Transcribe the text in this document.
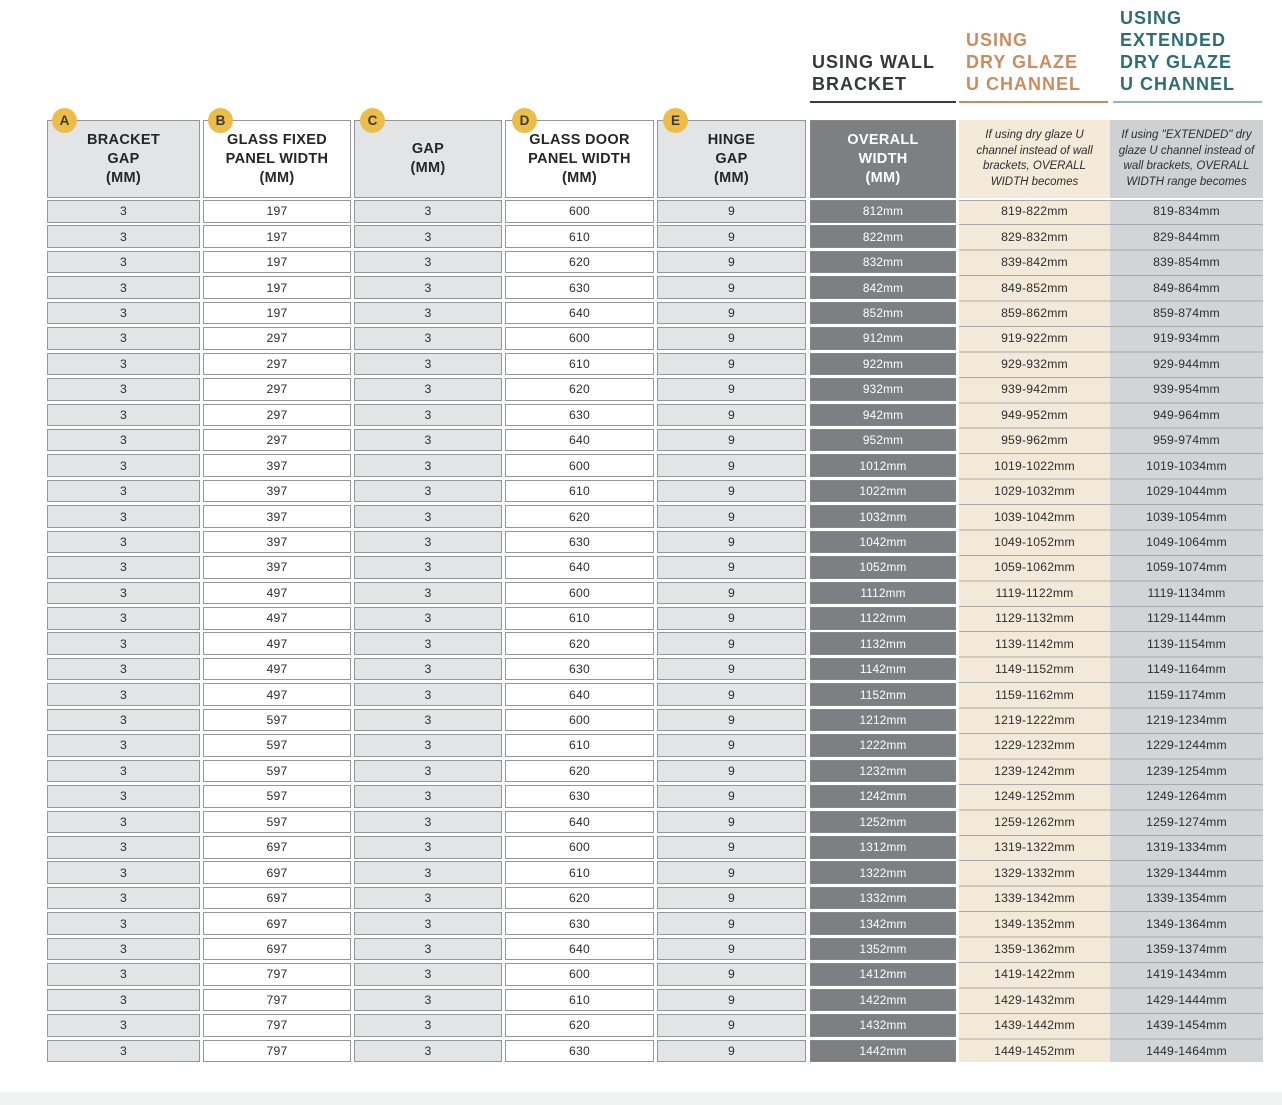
USING WALL
BRACKET
USING
DRY GLAZE
U CHANNEL
USING
EXTENDED
DRY GLAZE
U CHANNEL
A	B	C	D	E
BRACKET
GAP
(MM)
GLASS FIXED
PANEL WIDTH
(MM)
GAP
(MM)
GLASS DOOR
PANEL WIDTH
(MM)
HINGE
GAP
(MM)
OVERALL
WIDTH
(MM)
If using dry glaze U channel instead of wall brackets, OVERALL WIDTH becomes
If using "EXTENDED" dry glaze U channel instead of wall brackets, OVERALL WIDTH range becomes
3	197	3	600	9	812mm	819-822mm	819-834mm
3	197	3	610	9	822mm	829-832mm	829-844mm
3	197	3	620	9	832mm	839-842mm	839-854mm
3	197	3	630	9	842mm	849-852mm	849-864mm
3	197	3	640	9	852mm	859-862mm	859-874mm
3	297	3	600	9	912mm	919-922mm	919-934mm
3	297	3	610	9	922mm	929-932mm	929-944mm
3	297	3	620	9	932mm	939-942mm	939-954mm
3	297	3	630	9	942mm	949-952mm	949-964mm
3	297	3	640	9	952mm	959-962mm	959-974mm
3	397	3	600	9	1012mm	1019-1022mm	1019-1034mm
3	397	3	610	9	1022mm	1029-1032mm	1029-1044mm
3	397	3	620	9	1032mm	1039-1042mm	1039-1054mm
3	397	3	630	9	1042mm	1049-1052mm	1049-1064mm
3	397	3	640	9	1052mm	1059-1062mm	1059-1074mm
3	497	3	600	9	1112mm	1119-1122mm	1119-1134mm
3	497	3	610	9	1122mm	1129-1132mm	1129-1144mm
3	497	3	620	9	1132mm	1139-1142mm	1139-1154mm
3	497	3	630	9	1142mm	1149-1152mm	1149-1164mm
3	497	3	640	9	1152mm	1159-1162mm	1159-1174mm
3	597	3	600	9	1212mm	1219-1222mm	1219-1234mm
3	597	3	610	9	1222mm	1229-1232mm	1229-1244mm
3	597	3	620	9	1232mm	1239-1242mm	1239-1254mm
3	597	3	630	9	1242mm	1249-1252mm	1249-1264mm
3	597	3	640	9	1252mm	1259-1262mm	1259-1274mm
3	697	3	600	9	1312mm	1319-1322mm	1319-1334mm
3	697	3	610	9	1322mm	1329-1332mm	1329-1344mm
3	697	3	620	9	1332mm	1339-1342mm	1339-1354mm
3	697	3	630	9	1342mm	1349-1352mm	1349-1364mm
3	697	3	640	9	1352mm	1359-1362mm	1359-1374mm
3	797	3	600	9	1412mm	1419-1422mm	1419-1434mm
3	797	3	610	9	1422mm	1429-1432mm	1429-1444mm
3	797	3	620	9	1432mm	1439-1442mm	1439-1454mm
3	797	3	630	9	1442mm	1449-1452mm	1449-1464mm
